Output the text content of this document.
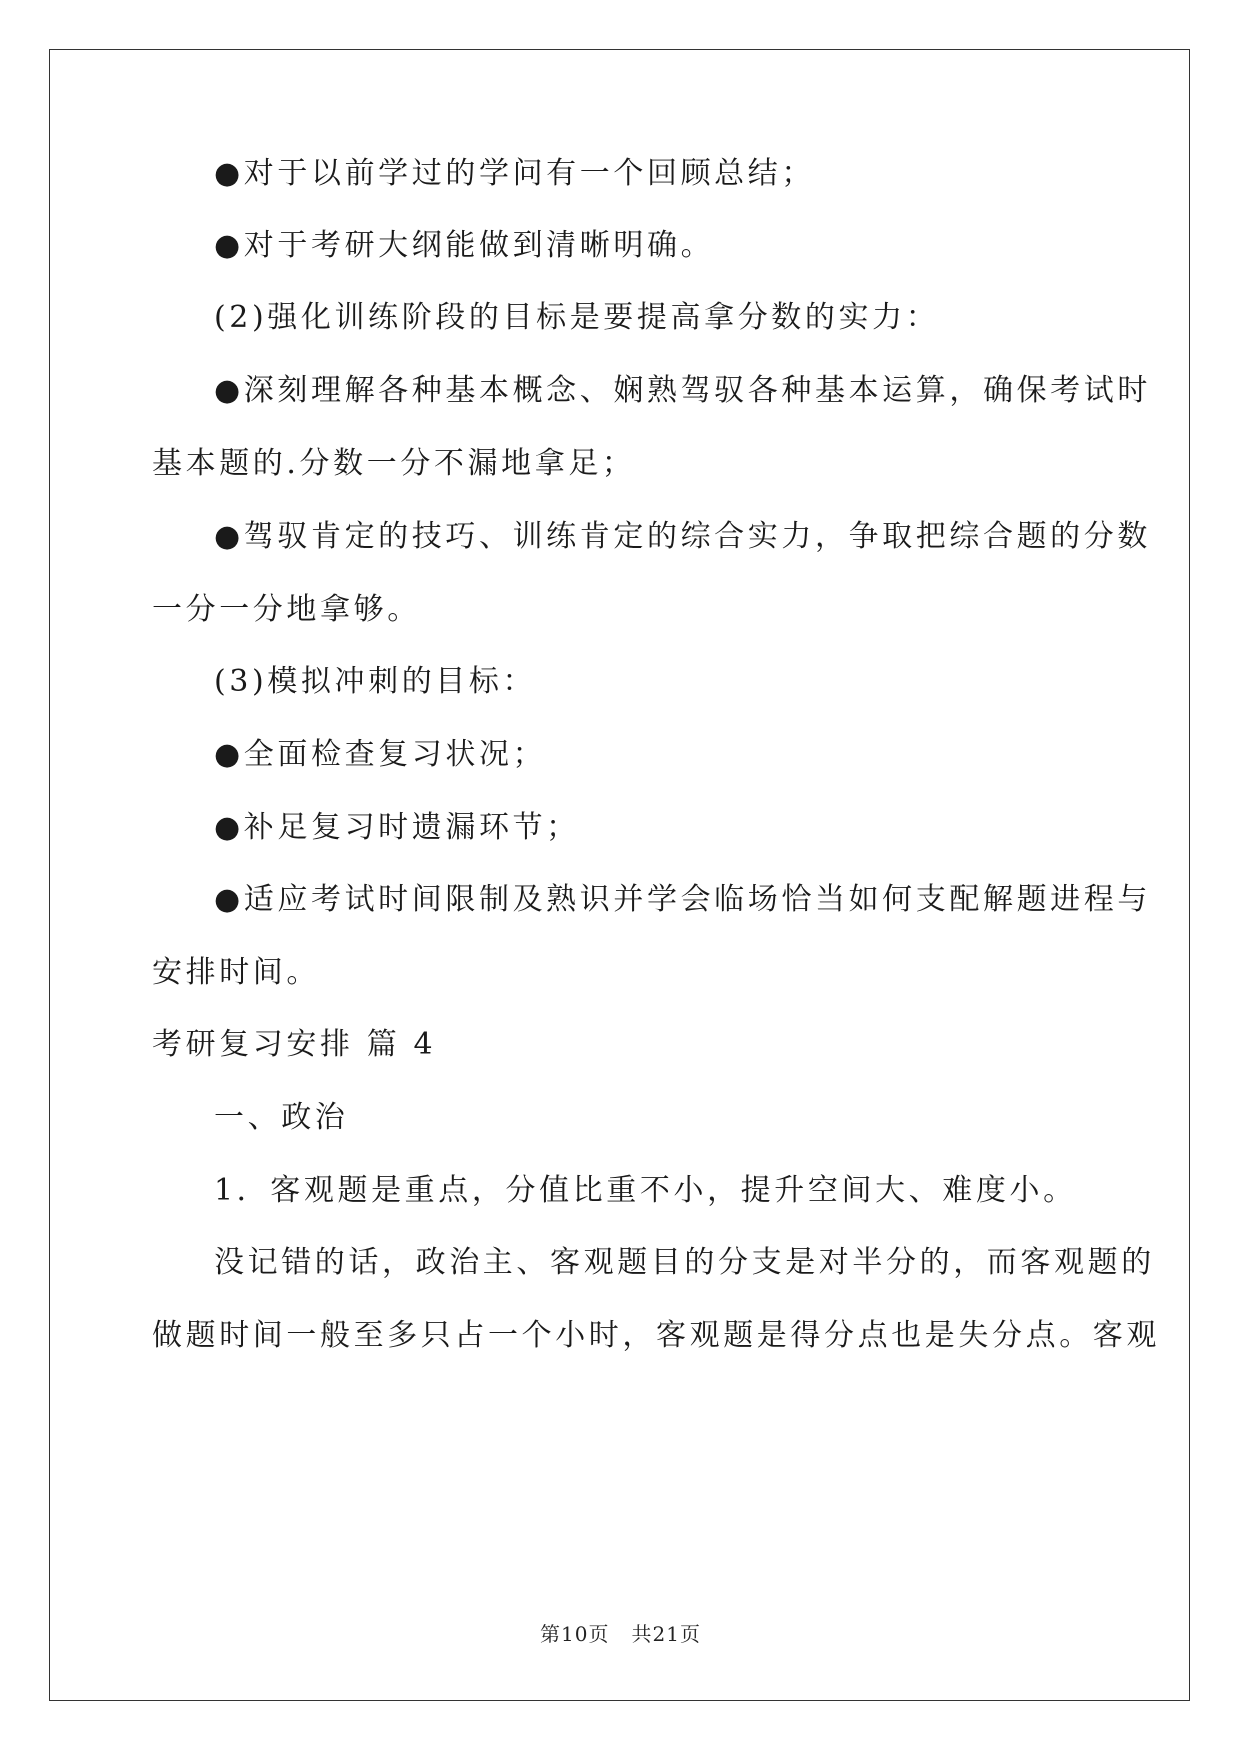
●对于以前学过的学问有一个回顾总结；
●对于考研大纲能做到清晰明确。
(2)强化训练阶段的目标是要提高拿分数的实力：
●深刻理解各种基本概念、娴熟驾驭各种基本运算，确保考试时
基本题的.分数一分不漏地拿足；
●驾驭肯定的技巧、训练肯定的综合实力，争取把综合题的分数
一分一分地拿够。
(3)模拟冲刺的目标：
●全面检查复习状况；
●补足复习时遗漏环节；
●适应考试时间限制及熟识并学会临场恰当如何支配解题进程与
安排时间。
考研复习安排 篇 4
一、政治
1．客观题是重点，分值比重不小，提升空间大、难度小。
没记错的话，政治主、客观题目的分支是对半分的，而客观题的
做题时间一般至多只占一个小时，客观题是得分点也是失分点。客观
第10页 共21页
